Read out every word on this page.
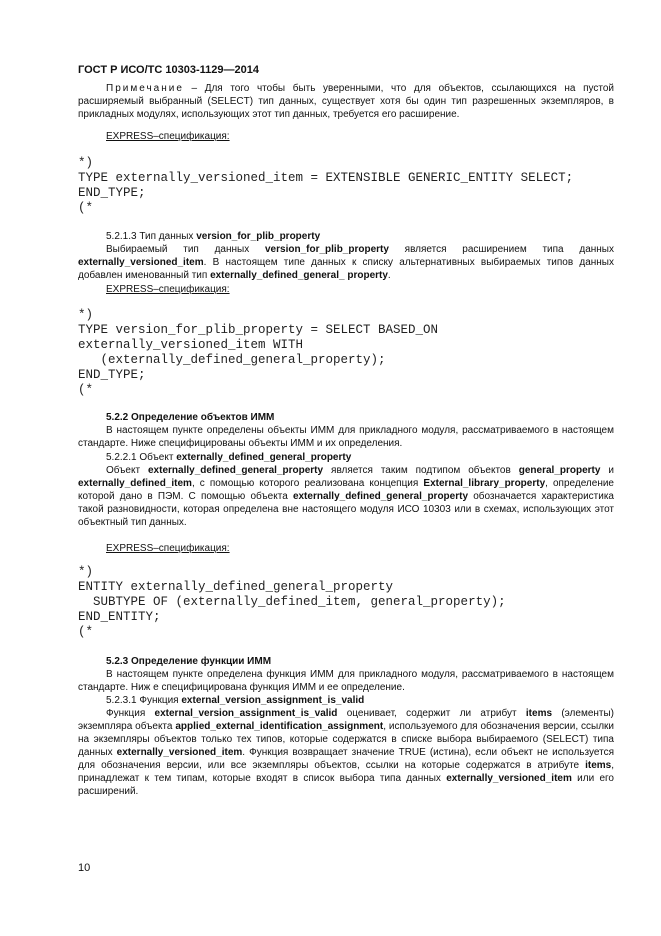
ГОСТ Р ИСО/ТС 10303-1129—2014

Примечание – Для того чтобы быть уверенными, что для объектов, ссылающихся на пустой расширяемый выбранный (SELECT) тип данных, существует хотя бы один тип разрешенных экземпляров, в прикладных модулях, использующих этот тип данных, требуется его расширение.

EXPRESS–спецификация:

*)
TYPE externally_versioned_item = EXTENSIBLE GENERIC_ENTITY SELECT;
END_TYPE;
(*

5.2.1.3 Тип данных version_for_plib_property

Выбираемый тип данных version_for_plib_property является расширением типа данных externally_versioned_item. В настоящем типе данных к списку альтернативных выбираемых типов данных добавлен именованный тип externally_defined_general_ property.

EXPRESS–спецификация:

*)
TYPE version_for_plib_property = SELECT BASED_ON
externally_versioned_item WITH
(externally_defined_general_property);
END_TYPE;
(*

5.2.2 Определение объектов ИММ

В настоящем пункте определены объекты ИММ для прикладного модуля, рассматриваемого в настоящем стандарте. Ниже специфицированы объекты ИММ и их определения.

5.2.2.1 Объект externally_defined_general_property

Объект externally_defined_general_property является таким подтипом объектов general_property и externally_defined_item, с помощью которого реализована концепция External_library_property, определение которой дано в ПЭМ. С помощью объекта externally_defined_general_property обозначается характеристика такой разновидности, которая определена вне настоящего модуля ИСО 10303 или в схемах, использующих этот объектный тип данных.

EXPRESS–спецификация:

*)
ENTITY externally_defined_general_property
SUBTYPE OF (externally_defined_item, general_property);
END_ENTITY;
(*

5.2.3 Определение функции ИММ

В настоящем пункте определена функция ИММ для прикладного модуля, рассматриваемого в настоящем стандарте. Ниж е специфицирована функция ИММ и ее определение.

5.2.3.1 Функция external_version_assignment_is_valid

Функция external_version_assignment_is_valid оценивает, содержит ли атрибут items (элементы) экземпляра объекта applied_external_identification_assignment, используемого для обозначения версии, ссылки на экземпляры объектов только тех типов, которые содержатся в списке выбора выбираемого (SELECT) типа данных externally_versioned_item. Функция возвращает значение TRUE (истина), если объект не используется для обозначения версии, или все экземпляры объектов, ссылки на которые содержатся в атрибуте items, принадлежат к тем типам, которые входят в список выбора типа данных externally_versioned_item или его расширений.

10
